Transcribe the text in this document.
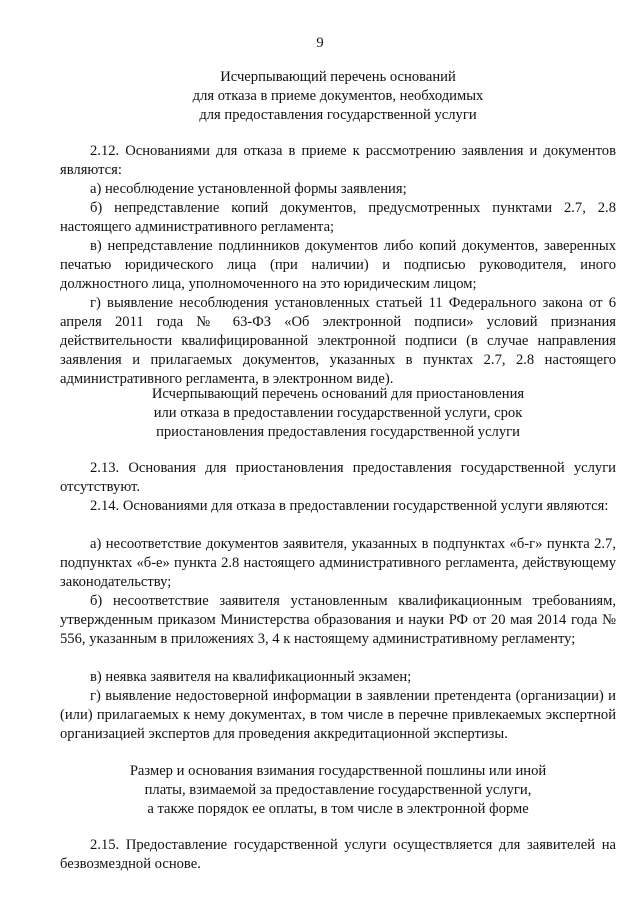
9
Исчерпывающий перечень оснований
для отказа в приеме документов, необходимых
для предоставления государственной услуги
2.12. Основаниями для отказа в приеме к рассмотрению заявления и документов являются:
а) несоблюдение установленной формы заявления;
б) непредставление копий документов, предусмотренных пунктами 2.7, 2.8 настоящего административного регламента;
в) непредставление подлинников документов либо копий документов, заверенных печатью юридического лица (при наличии) и подписью руководителя, иного должностного лица, уполномоченного на это юридическим лицом;
г) выявление несоблюдения установленных статьей 11 Федерального закона от 6 апреля 2011 года № 63-ФЗ «Об электронной подписи» условий признания действительности квалифицированной электронной подписи (в случае направления заявления и прилагаемых документов, указанных в пунктах 2.7, 2.8 настоящего административного регламента, в электронном виде).
Исчерпывающий перечень оснований для приостановления
или отказа в предоставлении государственной услуги, срок
приостановления предоставления государственной услуги
2.13. Основания для приостановления предоставления государственной услуги отсутствуют.
2.14. Основаниями для отказа в предоставлении государственной услуги являются:
а) несоответствие документов заявителя, указанных в подпунктах «б-г» пункта 2.7, подпунктах «б-е» пункта 2.8 настоящего административного регламента, действующему законодательству;
б) несоответствие заявителя установленным квалификационным требованиям, утвержденным приказом Министерства образования и науки РФ от 20 мая 2014 года № 556, указанным в приложениях 3, 4 к настоящему административному регламенту;
в) неявка заявителя на квалификационный экзамен;
г) выявление недостоверной информации в заявлении претендента (организации) и (или) прилагаемых к нему документах, в том числе в перечне привлекаемых экспертной организацией экспертов для проведения аккредитационной экспертизы.
Размер и основания взимания государственной пошлины или иной
платы, взимаемой за предоставление государственной услуги,
а также порядок ее оплаты, в том числе в электронной форме
2.15. Предоставление государственной услуги осуществляется для заявителей на безвозмездной основе.
